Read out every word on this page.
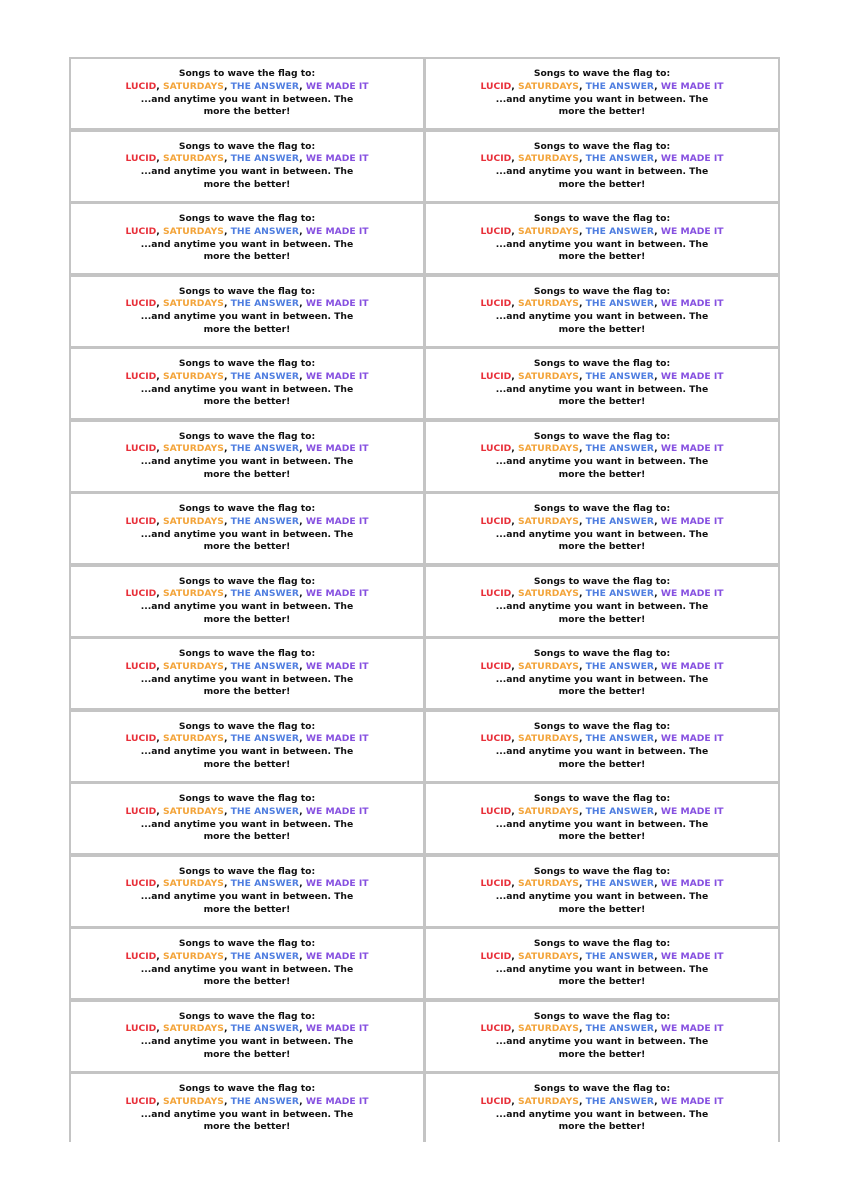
Songs to wave the flag to:
LUCID, SATURDAYS, THE ANSWER, WE MADE IT
...and anytime you want in between. The more the better!
Songs to wave the flag to:
LUCID, SATURDAYS, THE ANSWER, WE MADE IT
...and anytime you want in between. The more the better!
Songs to wave the flag to:
LUCID, SATURDAYS, THE ANSWER, WE MADE IT
...and anytime you want in between. The more the better!
Songs to wave the flag to:
LUCID, SATURDAYS, THE ANSWER, WE MADE IT
...and anytime you want in between. The more the better!
Songs to wave the flag to:
LUCID, SATURDAYS, THE ANSWER, WE MADE IT
...and anytime you want in between. The more the better!
Songs to wave the flag to:
LUCID, SATURDAYS, THE ANSWER, WE MADE IT
...and anytime you want in between. The more the better!
Songs to wave the flag to:
LUCID, SATURDAYS, THE ANSWER, WE MADE IT
...and anytime you want in between. The more the better!
Songs to wave the flag to:
LUCID, SATURDAYS, THE ANSWER, WE MADE IT
...and anytime you want in between. The more the better!
Songs to wave the flag to:
LUCID, SATURDAYS, THE ANSWER, WE MADE IT
...and anytime you want in between. The more the better!
Songs to wave the flag to:
LUCID, SATURDAYS, THE ANSWER, WE MADE IT
...and anytime you want in between. The more the better!
Songs to wave the flag to:
LUCID, SATURDAYS, THE ANSWER, WE MADE IT
...and anytime you want in between. The more the better!
Songs to wave the flag to:
LUCID, SATURDAYS, THE ANSWER, WE MADE IT
...and anytime you want in between. The more the better!
Songs to wave the flag to:
LUCID, SATURDAYS, THE ANSWER, WE MADE IT
...and anytime you want in between. The more the better!
Songs to wave the flag to:
LUCID, SATURDAYS, THE ANSWER, WE MADE IT
...and anytime you want in between. The more the better!
Songs to wave the flag to:
LUCID, SATURDAYS, THE ANSWER, WE MADE IT
...and anytime you want in between. The more the better!
Songs to wave the flag to:
LUCID, SATURDAYS, THE ANSWER, WE MADE IT
...and anytime you want in between. The more the better!
Songs to wave the flag to:
LUCID, SATURDAYS, THE ANSWER, WE MADE IT
...and anytime you want in between. The more the better!
Songs to wave the flag to:
LUCID, SATURDAYS, THE ANSWER, WE MADE IT
...and anytime you want in between. The more the better!
Songs to wave the flag to:
LUCID, SATURDAYS, THE ANSWER, WE MADE IT
...and anytime you want in between. The more the better!
Songs to wave the flag to:
LUCID, SATURDAYS, THE ANSWER, WE MADE IT
...and anytime you want in between. The more the better!
Songs to wave the flag to:
LUCID, SATURDAYS, THE ANSWER, WE MADE IT
...and anytime you want in between. The more the better!
Songs to wave the flag to:
LUCID, SATURDAYS, THE ANSWER, WE MADE IT
...and anytime you want in between. The more the better!
Songs to wave the flag to:
LUCID, SATURDAYS, THE ANSWER, WE MADE IT
...and anytime you want in between. The more the better!
Songs to wave the flag to:
LUCID, SATURDAYS, THE ANSWER, WE MADE IT
...and anytime you want in between. The more the better!
Songs to wave the flag to:
LUCID, SATURDAYS, THE ANSWER, WE MADE IT
...and anytime you want in between. The more the better!
Songs to wave the flag to:
LUCID, SATURDAYS, THE ANSWER, WE MADE IT
...and anytime you want in between. The more the better!
Songs to wave the flag to:
LUCID, SATURDAYS, THE ANSWER, WE MADE IT
...and anytime you want in between. The more the better!
Songs to wave the flag to:
LUCID, SATURDAYS, THE ANSWER, WE MADE IT
...and anytime you want in between. The more the better!
Songs to wave the flag to:
LUCID, SATURDAYS, THE ANSWER, WE MADE IT
...and anytime you want in between. The more the better!
Songs to wave the flag to:
LUCID, SATURDAYS, THE ANSWER, WE MADE IT
...and anytime you want in between. The more the better!
